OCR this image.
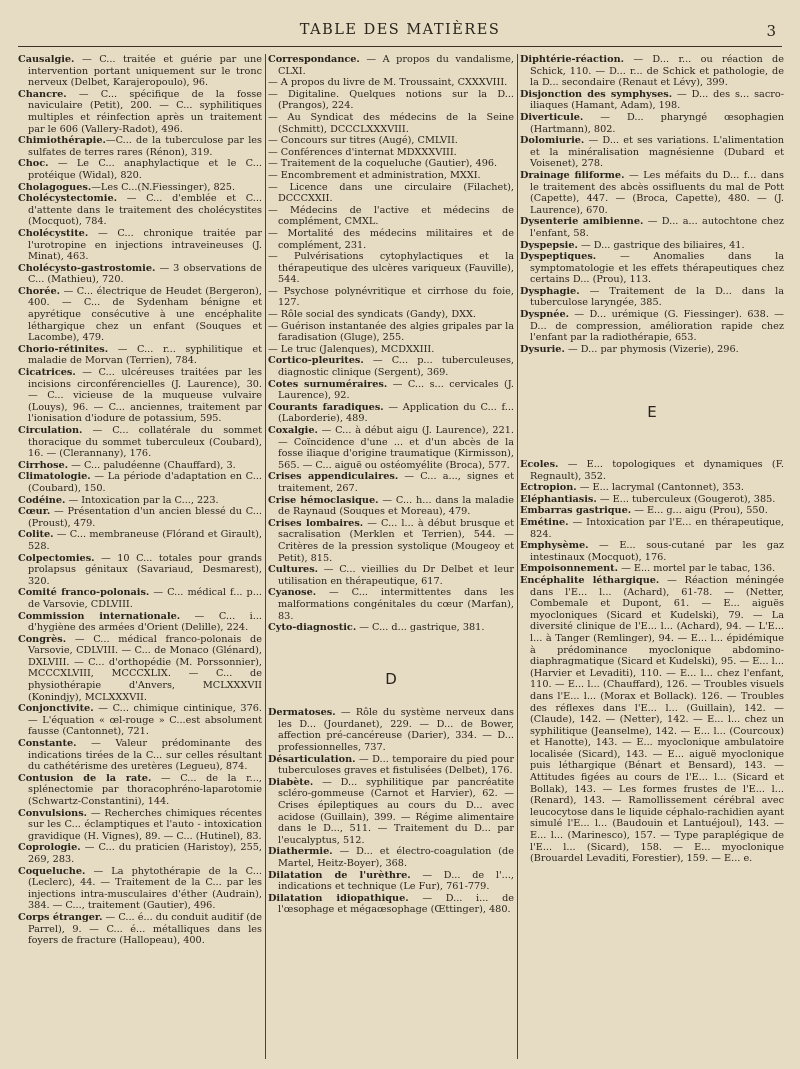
TABLE DES MATIÈRES	3

Causalgie. — C... traitée et guérie par une intervention portant uniquement sur le tronc nerveux (Delbet, Karajeropoulo), 96.

Chancre. — C... spécifique de la fosse naviculaire (Petit), 200. — C... syphilitiques multiples et réinfection après un traitement par le 606 (Vallery-Radot), 496.

Chimiothérapie.—C... de la tuberculose par les sulfates de terres rares (Rénon), 319.

Choc. — Le C... anaphylactique et le C... protéique (Widal), 820.

Cholagogues.—Les C...(N.Fiessinger), 825.

Cholécystectomie. — C... d'emblée et C... d'attente dans le traitement des cholécystites (Mocquot), 784.

Cholécystite. — C... chronique traitée par l'urotropine en injections intraveineuses (J. Minat), 463.

Cholécysto-gastrostomie. — 3 observations de C... (Mathieu), 720.

Chorée. — C... électrique de Heudet (Bergeron), 400. — C... de Sydenham bénigne et apyrétique consécutive à une encéphalite léthargique chez un enfant (Souques et Lacombe), 479.

Chorio-rétinites. — C... r... syphilitique et maladie de Morvan (Terrien), 784.

Cicatrices. — C... ulcéreuses traitées par les incisions circonférencielles (J. Laurence), 30. — C... vicieuse de la muqueuse vulvaire (Louys), 96. — C... anciennes, traitement par l'ionisation d'iodure de potassium, 595.

Circulation. — C... collatérale du sommet thoracique du sommet tuberculeux (Coubard), 16. — (Clerannany), 176.

Cirrhose. — C... paludéenne (Chauffard), 3.

Climatologie. — La période d'adaptation en C... (Coubard), 150.

Codéine. — Intoxication par la C..., 223.

Cœur. — Présentation d'un ancien blessé du C... (Proust), 479.

Colite. — C... membraneuse (Flórand et Girault), 528.

Colpectomies. — 10 C... totales pour grands prolapsus génitaux (Savariaud, Desmarest), 320.

Comité franco-polonais. — C... médical f... p... de Varsovie, CDLVIII.

Commission internationale. — C... i... d'hygiène des armées d'Orient (Delille), 224.

Congrès. — C... médical franco-polonais de Varsovie, CDLVIII. — C... de Monaco (Glénard), DXLVIII. — C... d'orthopédie (M. Porssonnier), MCCCXLVIII, MCCCXLIX. — C... de physiothérapie d'Anvers, MCLXXXVII (Konindjy), MCLXXXVII.

Conjonctivite. — C... chimique cintinique, 376. — L'équation « œl-rouge » C...est absolument fausse (Cantonnet), 721.

Constante. — Valeur prédominante des indications tirées de la C... sur celles résultant du cathétérisme des uretères (Legueu), 874.

Contusion de la rate. — C... de la r..., splénectomie par thoracophréno-laparotomie (Schwartz-Constantini), 144.

Convulsions. — Recherches chimiques récentes sur les C... éclamptiques et l'auto - intoxication gravidique (H. Vignes), 89. — C... (Hutinel), 83.

Coprologie. — C... du praticien (Haristoy), 255, 269, 283.

Coqueluche. — La phytothérapie de la C... (Leclerc), 44. — Traitement de la C... par les injections intra-musculaires d'éther (Audrain), 384. — C..., traitement (Gautier), 496.

Corps étranger. — C... é... du conduit auditif (de Parrel), 9. — C... é... métalliques dans les foyers de fracture (Hallopeau), 400.

Correspondance. — A propos du vandalisme, CLXI.

— A propos du livre de M. Troussaint, CXXXVIII.

— Digitaline. Quelques notions sur la D... (Prangos), 224.

— Au Syndicat des médecins de la Seine (Schmitt), DCCCLXXXVIII.

— Concours sur titres (Augé), CMLVII.

— Conférences d'internat MDXXXVIII.

— Traitement de la coqueluche (Gautier), 496.

— Encombrement et administration, MXXI.

— Licence dans une circulaire (Filachet), DCCCXXII.

— Médecins de l'active et médecins de complément, CMXL.

— Mortalité des médecins militaires et de complément, 231.

— Pulvérisations cytophylactiques et la thérapeutique des ulcères variqueux (Fauville), 544.

— Psychose polynévritique et cirrhose du foie, 127.

— Rôle social des syndicats (Gandy), DXX.

— Guérison instantanée des algies gripales par la faradisation (Gluge), 255.

— Le truc (Jalenques), MCDXXIII.

Cortico-pleurites. — C... p... tuberculeuses, diagnostic clinique (Sergent), 369.

Cotes surnuméraires. — C... s... cervicales (J. Laurence), 92.

Courants faradiques. — Application du C... f... (Laborderie), 489.

Coxalgie. — C... à début aigu (J. Laurence), 221. — Coïncidence d'une ... et d'un abcès de la fosse iliaque d'origine traumatique (Kirmisson), 565. — C... aiguë ou ostéomyélite (Broca), 577.

Crises appendiculaires. — C... a..., signes et traitement, 267.

Crise hémoclasique. — C... h... dans la maladie de Raynaud (Souques et Moreau), 479.

Crises lombaires. — C... l... à début brusque et sacralisation (Merklen et Terrien), 544. — Critères de la pression systolique (Mougeoy et Petit), 815.

Cultures. — C... vieillies du Dr Delbet et leur utilisation en thérapeutique, 617.

Cyanose. — C... intermittentes dans les malformations congénitales du cœur (Marfan), 83.

Cyto-diagnostic. — C... d... gastrique, 381.

D

Dermatoses. — Rôle du système nerveux dans les D... (Jourdanet), 229. — D... de Bower, affection pré-cancéreuse (Darier), 334. — D... professionnelles, 737.

Désarticulation. — D... temporaire du pied pour tuberculoses graves et fistulisées (Delbet), 176.

Diabète. — D... syphilitique par pancréatite scléro-gommeuse (Carnot et Harvier), 62. — Crises épileptiques au cours du D... avec acidose (Guillain), 399. — Régime alimentaire dans le D..., 511. — Traitement du D... par l'eucalyptus, 512.

Diathermie. — D... et électro-coagulation (de Martel, Heitz-Boyer), 368.

Dilatation de l'urèthre. — D... de l'..., indications et technique (Le Fur), 761-779.

Dilatation idiopathique. — D... i... de l'œsophage et mégaœsophage (Œttinger), 480.

Diphtérie-réaction. — D... r... ou réaction de Schick, 110. — D... r... de Schick et pathologie, de la D... secondaire (Renaut et Lévy), 399.

Disjonction des symphyses. — D... des s... sacro-iliaques (Hamant, Adam), 198.

Diverticule. — D... pharyngé œsophagien (Hartmann), 802.

Dolomiurie. — D... et ses variations. L'alimentation et la minéralisation magnésienne (Dubard et Voisenet), 278.

Drainage filiforme. — Les méfaits du D... f... dans le traitement des abcès ossifluents du mal de Pott (Capette), 447. — (Broca, Capette), 480. — (J. Laurence), 670.

Dysenterie amibienne. — D... a... autochtone chez l'enfant, 58.

Dyspepsie. — D... gastrique des biliaires, 41.

Dyspeptiques. — Anomalies dans la symptomatologie et les effets thérapeutiques chez certains D... (Prou), 113.

Dysphagie. — Traitement de la D... dans la tuberculose laryngée, 385.

Dyspnée. — D... urémique (G. Fiessinger). 638. — D... de compression, amélioration rapide chez l'enfant par la radiothérapie, 653.

Dysurie. — D... par phymosis (Vizerie), 296.

E

Ecoles. — E... topologiques et dynamiques (F. Regnault), 352.

Ectropion. — E... lacrymal (Cantonnet), 353.

Eléphantiasis. — E... tuberculeux (Gougerot), 385.

Embarras gastrique. — E... g... aigu (Prou), 550.

Emétine. — Intoxication par l'E... en thérapeutique, 824.

Emphysème. — E... sous-cutané par les gaz intestinaux (Mocquot), 176.

Empoisonnement. — E... mortel par le tabac, 136.

Encéphalite léthargique. — Réaction méningée dans l'E... l... (Achard), 61-78. — (Netter, Combemale et Dupont, 61. — E... aiguës myocloniques (Sicard et Kudelski), 79. — La diversité clinique de l'E... l... (Achard), 94. — L'E... l... à Tanger (Remlinger), 94. — E... l... épidémique à prédominance myoclonique abdomino-diaphragmatique (Sicard et Kudelski), 95. — E... l... (Harvier et Levaditi), 110. — E... l... chez l'enfant, 110. — E... l... (Chauffard), 126. — Troubles visuels dans l'E... l... (Morax et Bollack). 126. — Troubles des réflexes dans l'E... l... (Guillain), 142. — (Claude), 142. — (Netter), 142. — E... l... chez un syphilitique (Jeanselme), 142. — E... l... (Courcoux) et Hanotte), 143. — E... myoclonique ambulatoire localisée (Sicard), 143. — E... aiguë myoclonique puis léthargique (Bénart et Bensard), 143. — Attitudes figées au cours de l'E... l... (Sicard et Bollak), 143. — Les formes frustes de l'E... l... (Renard), 143. — Ramollissement cérébral avec leucocytose dans le liquide céphalo-rachidien ayant simulé l'E... l... (Baudouin et Lantuéjoul), 143. — E... l... (Marinesco), 157. — Type paraplégique de l'E... l... (Sicard), 158. — E... myoclonique (Brouardel Levaditi, Forestier), 159. — E... e.
